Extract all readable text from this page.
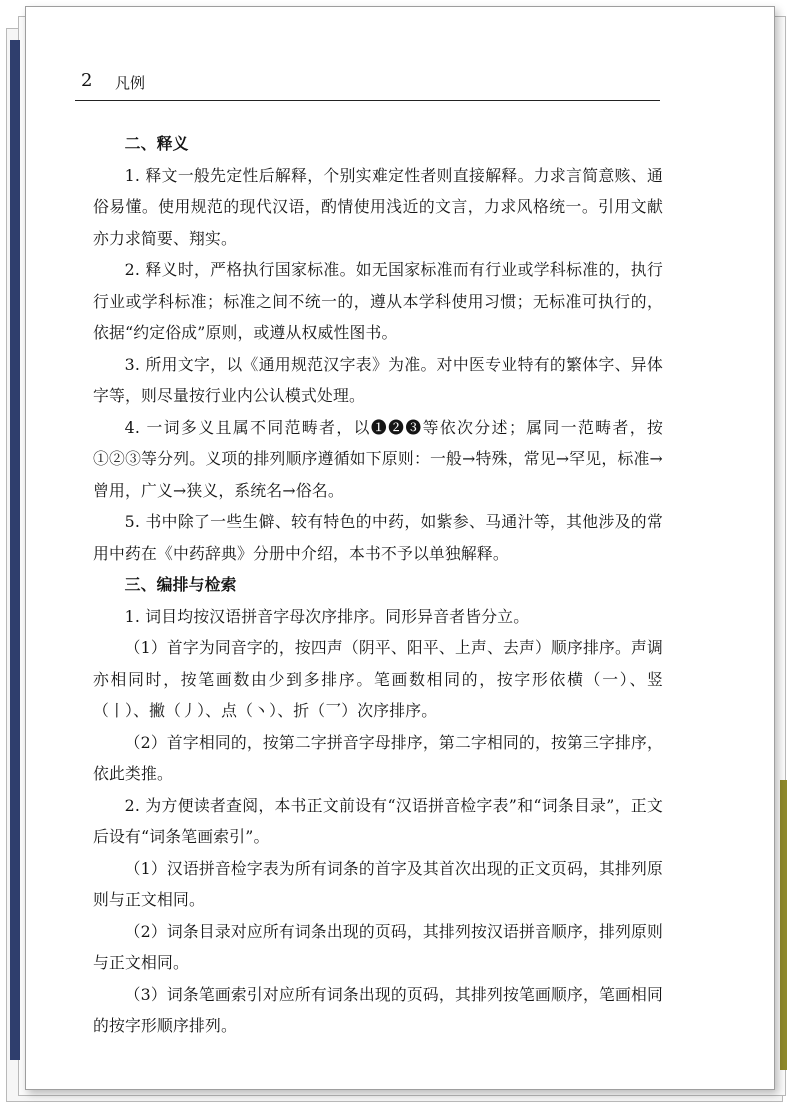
2 凡例

二、释义

1. 释文一般先定性后解释，个别实难定性者则直接解释。力求言简意赅、通俗易懂。使用规范的现代汉语，酌情使用浅近的文言，力求风格统一。引用文献亦力求简要、翔实。

2. 释义时，严格执行国家标准。如无国家标准而有行业或学科标准的，执行行业或学科标准；标准之间不统一的，遵从本学科使用习惯；无标准可执行的，依据“约定俗成”原则，或遵从权威性图书。

3. 所用文字，以《通用规范汉字表》为准。对中医专业特有的繁体字、异体字等，则尽量按行业内公认模式处理。

4. 一词多义且属不同范畴者，以❶❷❸等依次分述；属同一范畴者，按①②③等分列。义项的排列顺序遵循如下原则：一般→特殊，常见→罕见，标准→曾用，广义→狭义，系统名→俗名。

5. 书中除了一些生僻、较有特色的中药，如紫参、马通汁等，其他涉及的常用中药在《中药辞典》分册中介绍，本书不予以单独解释。

三、编排与检索

1. 词目均按汉语拼音字母次序排序。同形异音者皆分立。

（1）首字为同音字的，按四声（阴平、阳平、上声、去声）顺序排序。声调亦相同时，按笔画数由少到多排序。笔画数相同的，按字形依横（一）、竖（丨）、撇（丿）、点（丶）、折（乛）次序排序。

（2）首字相同的，按第二字拼音字母排序，第二字相同的，按第三字排序，依此类推。

2. 为方便读者查阅，本书正文前设有“汉语拼音检字表”和“词条目录”，正文后设有“词条笔画索引”。

（1）汉语拼音检字表为所有词条的首字及其首次出现的正文页码，其排列原则与正文相同。

（2）词条目录对应所有词条出现的页码，其排列按汉语拼音顺序，排列原则与正文相同。

（3）词条笔画索引对应所有词条出现的页码，其排列按笔画顺序，笔画相同的按字形顺序排列。
